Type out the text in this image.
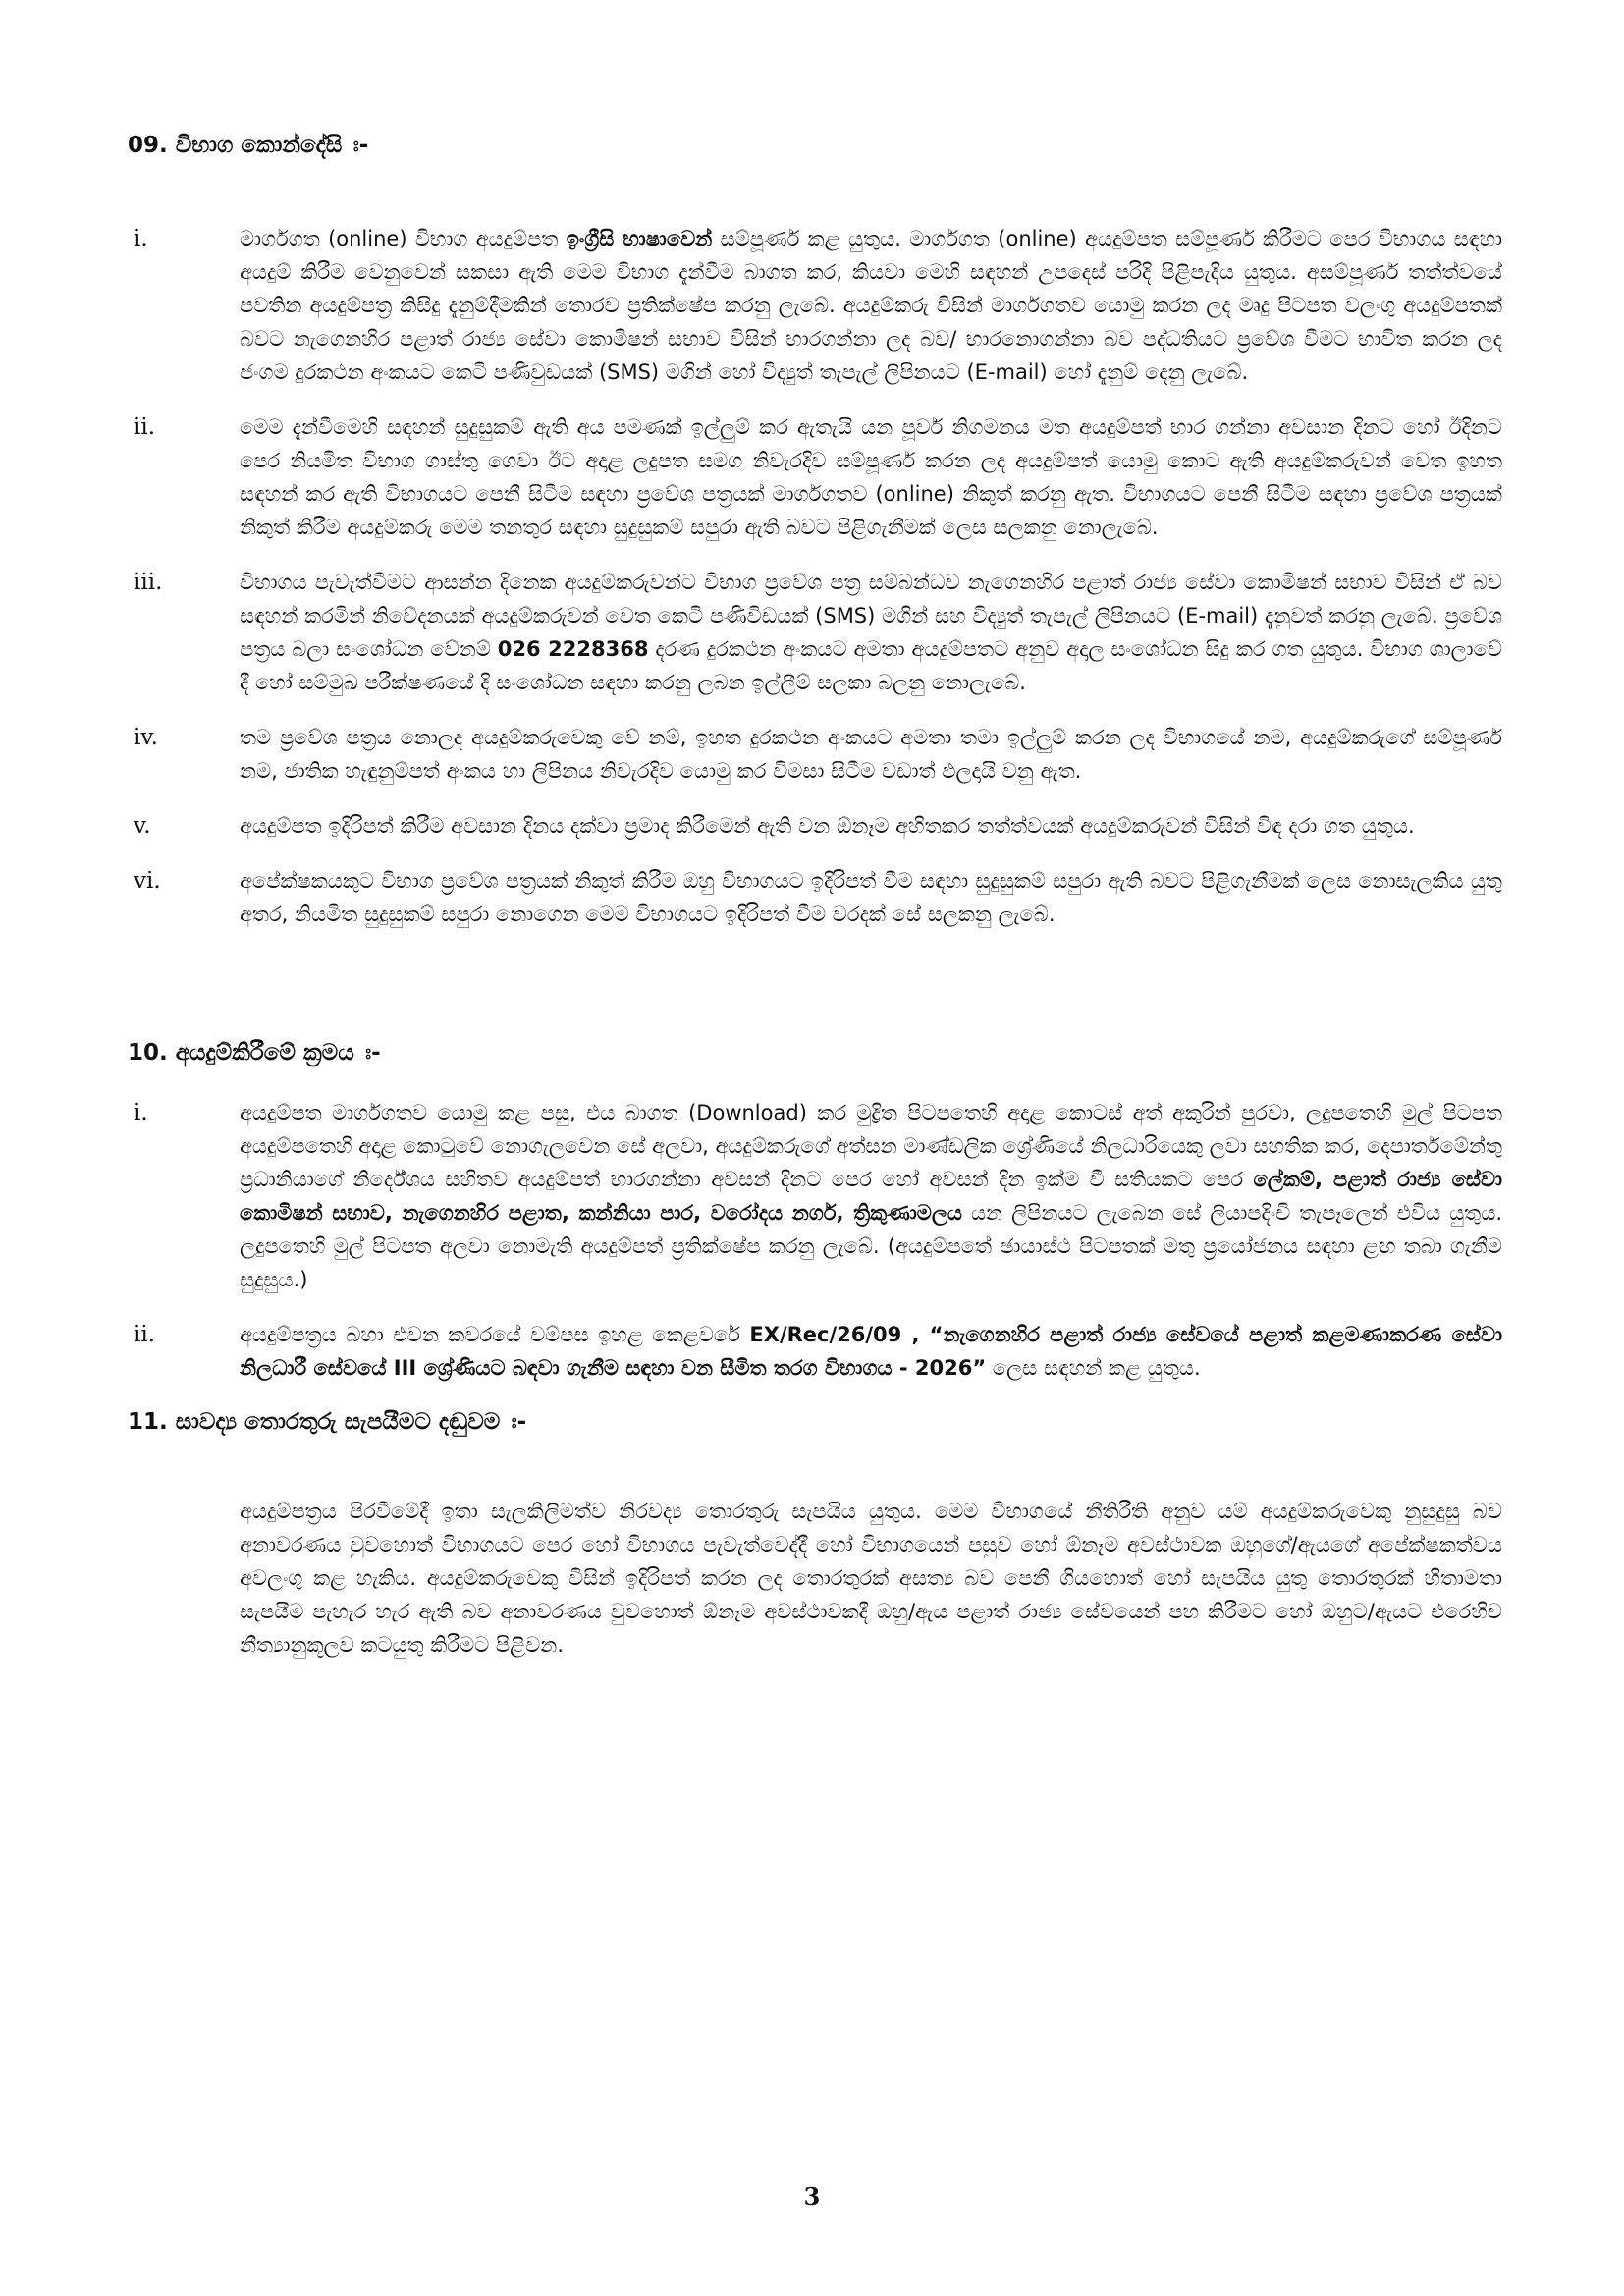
09. විභාග කොන්දේසි ඃ-
i.	මාර්ගගත (online) විභාග අයදුම්පත ඉංග්‍රීසි භාෂාවෙන් සම්පූර්ණ කළ යුතුය. මාර්ගගත (online) අයදුම්පත සම්පූර්ණ කිරීමට පෙර විභාගය සඳහා අයදුම් කිරීම වෙනුවෙන් සකසා ඇති මෙම විභාග දැන්වීම බාගත කර, කියවා මෙහි සඳහන් උපදෙස් පරිදි පිළිපැදිය යුතුය. අසම්පූර්ණ තත්ත්වයේ පවතින අයදුම්පත්‍ර කිසිදු දැනුම්දීමකින් තොරව ප්‍රතික්ෂේප කරනු ලැබේ. අයදුම්කරු විසින් මාර්ගගතව යොමු කරන ලද මෘදු පිටපත වලංගු අයදුම්පතක් බවට නැගෙනහිර පළාත් රාජ්‍ය සේවා කොමිෂන් සභාව විසින් භාරගන්නා ලද බව/ භාරනොගන්නා බව පද්ධතියට ප්‍රවේශ වීමට භාවිත කරන ලද ජංගම දුරකථන අංකයට කෙටි පණිවුඩයක් (SMS) මගින් හෝ විද්‍යුත් තැපැල් ලිපිනයට (E-mail) හෝ දැනුම් දෙනු ලැබේ.
ii.	මෙම දැන්වීමෙහි සඳහන් සුදුසුකම් ඇති අය පමණක් ඉල්ලුම් කර ඇතැයි යන පූර්ව නිගමනය මත අයදුම්පත් භාර ගන්නා අවසාන දිනට හෝ ඊදිනට පෙර නියමිත විභාග ගාස්තු ගෙවා ඊට අදාළ ලදුපත සමග නිවැරදිව සම්පූර්ණ කරන ලද අයදුම්පත් යොමු කොට ඇති අයදුම්කරුවන් වෙත ඉහත සඳහන් කර ඇති විභාගයට පෙනී සිටීම සඳහා ප්‍රවේශ පත්‍රයක් මාර්ගගතව (online) නිකුත් කරනු ඇත. විභාගයට පෙනී සිටීම සඳහා ප්‍රවේශ පත්‍රයක් නිකුත් කිරීම අයදුම්කරු මෙම තනතුර සඳහා සුදුසුකම් සපුරා ඇති බවට පිළිගැනීමක් ලෙස සලකනු නොලැබේ.
iii.	විභාගය පැවැත්වීමට ආසන්න දිනෙක අයදුම්කරුවන්ට විභාග ප්‍රවේශ පත්‍ර සම්බන්ධව නැගෙනහිර පළාත් රාජ්‍ය සේවා කොමිෂන් සභාව විසින් ඒ බව සඳහන් කරමින් නිවේදනයක් අයදුම්කරුවන් වෙත කෙටි පණිවිඩයක් (SMS) මගින් සහ විද්‍යුත් තැපැල් ලිපිනයට (E-mail) දැනුවත් කරනු ලැබේ. ප්‍රවේශ පත්‍රය බලා සංශෝධන වේනම් 026 2228368 දරණ දුරකථන අංකයට අමතා අයදුම්පතට අනුව අදාල සංශෝධන සිදු කර ගත යුතුය. විභාග ශාලාවේ දී හෝ සම්මුඛ පරීක්ෂණයේ දි සංශෝධන සඳහා කරනු ලබන ඉල්ලීම් සලකා බලනු නොලැබේ.
iv.	තම ප්‍රවේශ පත්‍රය නොලද අයදුම්කරුවෙකු වේ නම්, ඉහත දුරකථන අංකයට අමතා තමා ඉල්ලුම් කරන ලද විභාගයේ නම, අයදුම්කරුගේ සම්පූර්ණ නම, ජාතික හැඳුනුම්පත් අංකය හා ලිපිනය නිවැරදිව යොමු කර විමසා සිටීම වඩාත් ඵලදායි වනු ඇත.
v.	අයදුම්පත ඉදිරිපත් කිරීම අවසාන දිනය දක්වා ප්‍රමාද කිරීමෙන් ඇති වන ඕනෑම අහිතකර තත්ත්වයක් අයදුම්කරුවන් විසින් විඳ දරා ගත යුතුය.
vi.	අපේක්ෂකයකුට විභාග ප්‍රවේශ පත්‍රයක් නිකුත් කිරීම ඔහු විභාගයට ඉදිරිපත් වීම සඳහා සුදුසුකම් සපුරා ඇති බවට පිළිගැනීමක් ලෙස නොසැලකිය යුතු අතර, නියමිත සුදුසුකම් සපුරා නොගෙන මෙම විභාගයට ඉදිරිපත් වීම වරදක් සේ සලකනු ලැබේ.
10. අයදුම්කිරීමේ ක්‍රමය ඃ-
i.	අයදුම්පත මාර්ගගතව යොමු කළ පසු, එය බාගත (Download) කර මුද්‍රිත පිටපතෙහි අදාළ කොටස් අත් අකුරින් පුරවා, ලදුපතෙහි මුල් පිටපත අයදුම්පතෙහි අදාළ කොටුවේ නොගැලවෙන සේ අලවා, අයදුම්කරුගේ අත්සන මාණ්ඩලික ශ්‍රේණියේ නිලධාරියෙකු ලවා සහතික කර, දෙපාර්තමේන්තු ප්‍රධානියාගේ නිර්දේශය සහිතව අයදුම්පත් භාරගන්නා අවසන් දිනට පෙර හෝ අවසන් දින ඉක්ම වී සතියකට පෙර ලේකම්, පළාත් රාජ්‍ය සේවා කොමිෂන් සභාව, නැගෙනහිර පළාත, කන්නියා පාර, වරෝදය නගර්, ත්‍රිකුණාමලය යන ලිපිනයට ලැබෙන සේ ලියාපදිංචි තැපෑලෙන් එවිය යුතුය. ලදුපතෙහි මුල් පිටපත අලවා නොමැති අයදුම්පත් ප්‍රතික්ෂේප කරනු ලැබේ. (අයදුම්පතේ ඡායාස්ථ පිටපතක් මතු ප්‍රයෝජනය සඳහා ළඟ තබා ගැනීම සුදුසුය.)
ii.	අයදුම්පත්‍රය බහා එවන කවරයේ වම්පස ඉහළ කෙළවරේ EX/Rec/26/09 , “නැගෙනහිර පළාත් රාජ්‍ය සේවයේ පළාත් කළමණාකරණ සේවා නිලධාරී සේවයේ III ශ්‍රේණියට බඳවා ගැනීම සඳහා වන සීමිත තරග විභාගය - 2026” ලෙස සඳහන් කළ යුතුය.
11. සාවද්‍ය තොරතුරු සැපයීමට දඬුවම ඃ-
අයදුම්පත්‍රය පිරවීමේදී ඉතා සැලකිලිමත්ව නිරවද්‍ය තොරතුරු සැපයිය යුතුය. මෙම විභාගයේ නීතිරීති අනුව යම් අයදුම්කරුවෙකු නුසුදුසු බව අනාවරණය වුවහොත් විභාගයට පෙර හෝ විභාගය පැවැත්වෙද්දී හෝ විභාගයෙන් පසුව හෝ ඕනෑම අවස්ථාවක ඔහුගේ/ඇයගේ අපේක්ෂකත්වය අවලංගු කළ හැකිය. අයදුම්කරුවෙකු විසින් ඉදිරිපත් කරන ලද තොරතුරක් අසත්‍ය බව පෙනී ගියහොත් හෝ සැපයිය යුතු තොරතුරක් හිතාමතා සැපයීම පැහැර හැර ඇති බව අනාවරණය වුවහොත් ඕනෑම අවස්ථාවකදී ඔහු/ඇය පළාත් රාජ්‍ය සේවයෙන් පහ කිරීමට හෝ ඔහුට/ඇයට එරෙහිව නීත්‍යානුකූලව කටයුතු කිරීමට පිළිවන.
3
